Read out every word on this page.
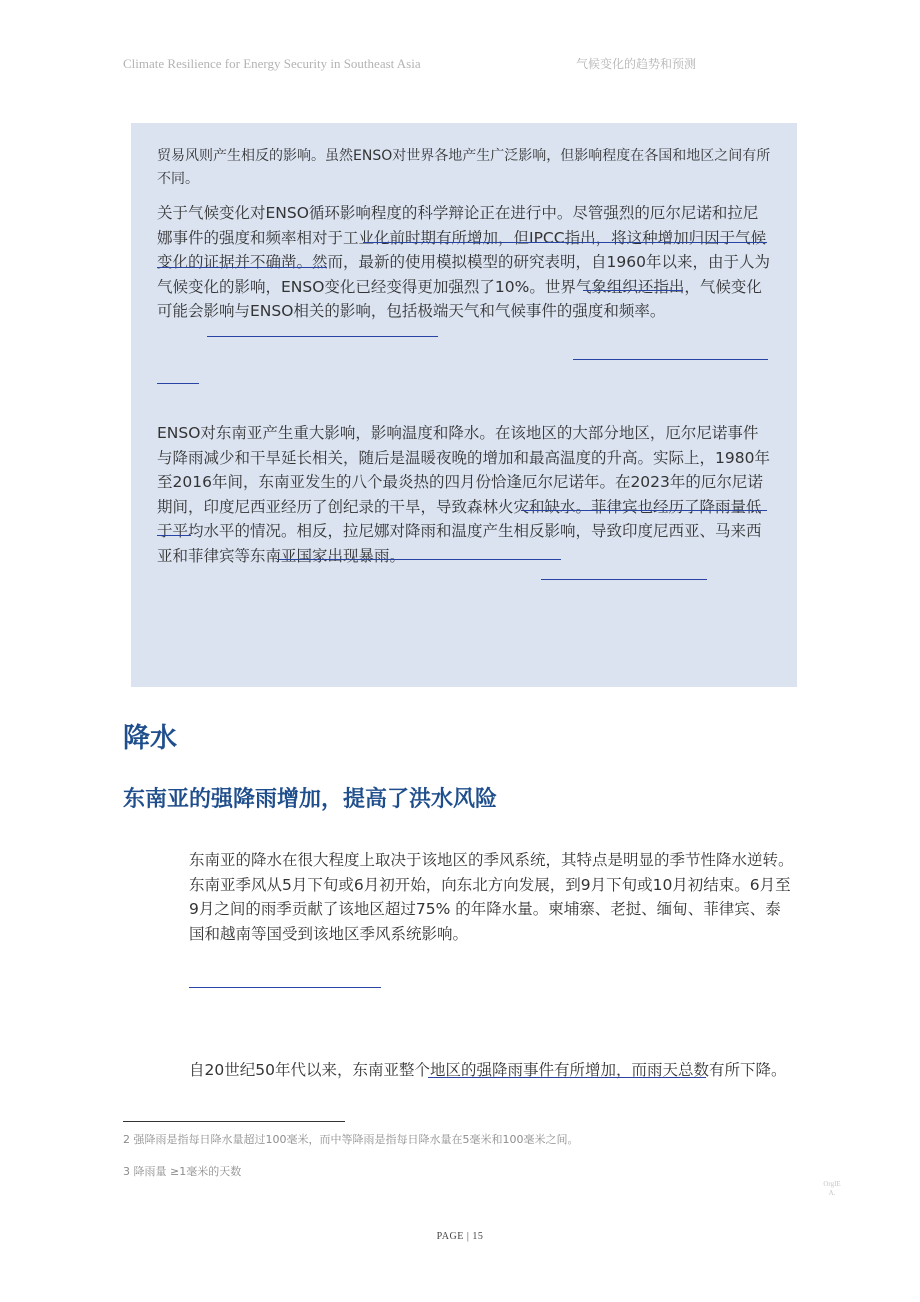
Climate Resilience for Energy Security in Southeast Asia	气候变化的趋势和预测

贸易风则产生相反的影响。虽然ENSO对世界各地产生广泛影响，但影响程度在各国和地区之间有所不同。

关于气候变化对ENSO循环影响程度的科学辩论正在进行中。尽管强烈的厄尔尼诺和拉尼娜事件的强度和频率相对于工业化前时期有所增加，但IPCC指出，将这种增加归因于气候变化的证据并不确凿。然而，最新的使用模拟模型的研究表明，自1960年以来，由于人为气候变化的影响，ENSO变化已经变得更加强烈了10%。世界气象组织还指出，气候变化可能会影响与ENSO相关的影响，包括极端天气和气候事件的强度和频率。

ENSO对东南亚产生重大影响，影响温度和降水。在该地区的大部分地区，厄尔尼诺事件与降雨减少和干旱延长相关，随后是温暖夜晚的增加和最高温度的升高。实际上，1980年至2016年间，东南亚发生的八个最炎热的四月份恰逢厄尔尼诺年。在2023年的厄尔尼诺期间，印度尼西亚经历了创纪录的干旱，导致森林火灾和缺水。菲律宾也经历了降雨量低于平均水平的情况。相反，拉尼娜对降雨和温度产生相反影响，导致印度尼西亚、马来西亚和菲律宾等东南亚国家出现暴雨。

降水
东南亚的强降雨增加，提高了洪水风险

东南亚的降水在很大程度上取决于该地区的季风系统，其特点是明显的季节性降水逆转。东南亚季风从5月下旬或6月初开始，向东北方向发展，到9月下旬或10月初结束。6月至9月之间的雨季贡献了该地区超过75% 的年降水量。柬埔寨、老挝、缅甸、菲律宾、泰国和越南等国受到该地区季风系统影响。

自20世纪50年代以来，东南亚整个地区的强降雨事件有所增加，而雨天总数有所下降。

2 强降雨是指每日降水量超过100毫米，而中等降雨是指每日降水量在5毫米和100毫米之间。
3 降雨量 ≥1毫米的天数
PAGE | 15
OrgIEA.
